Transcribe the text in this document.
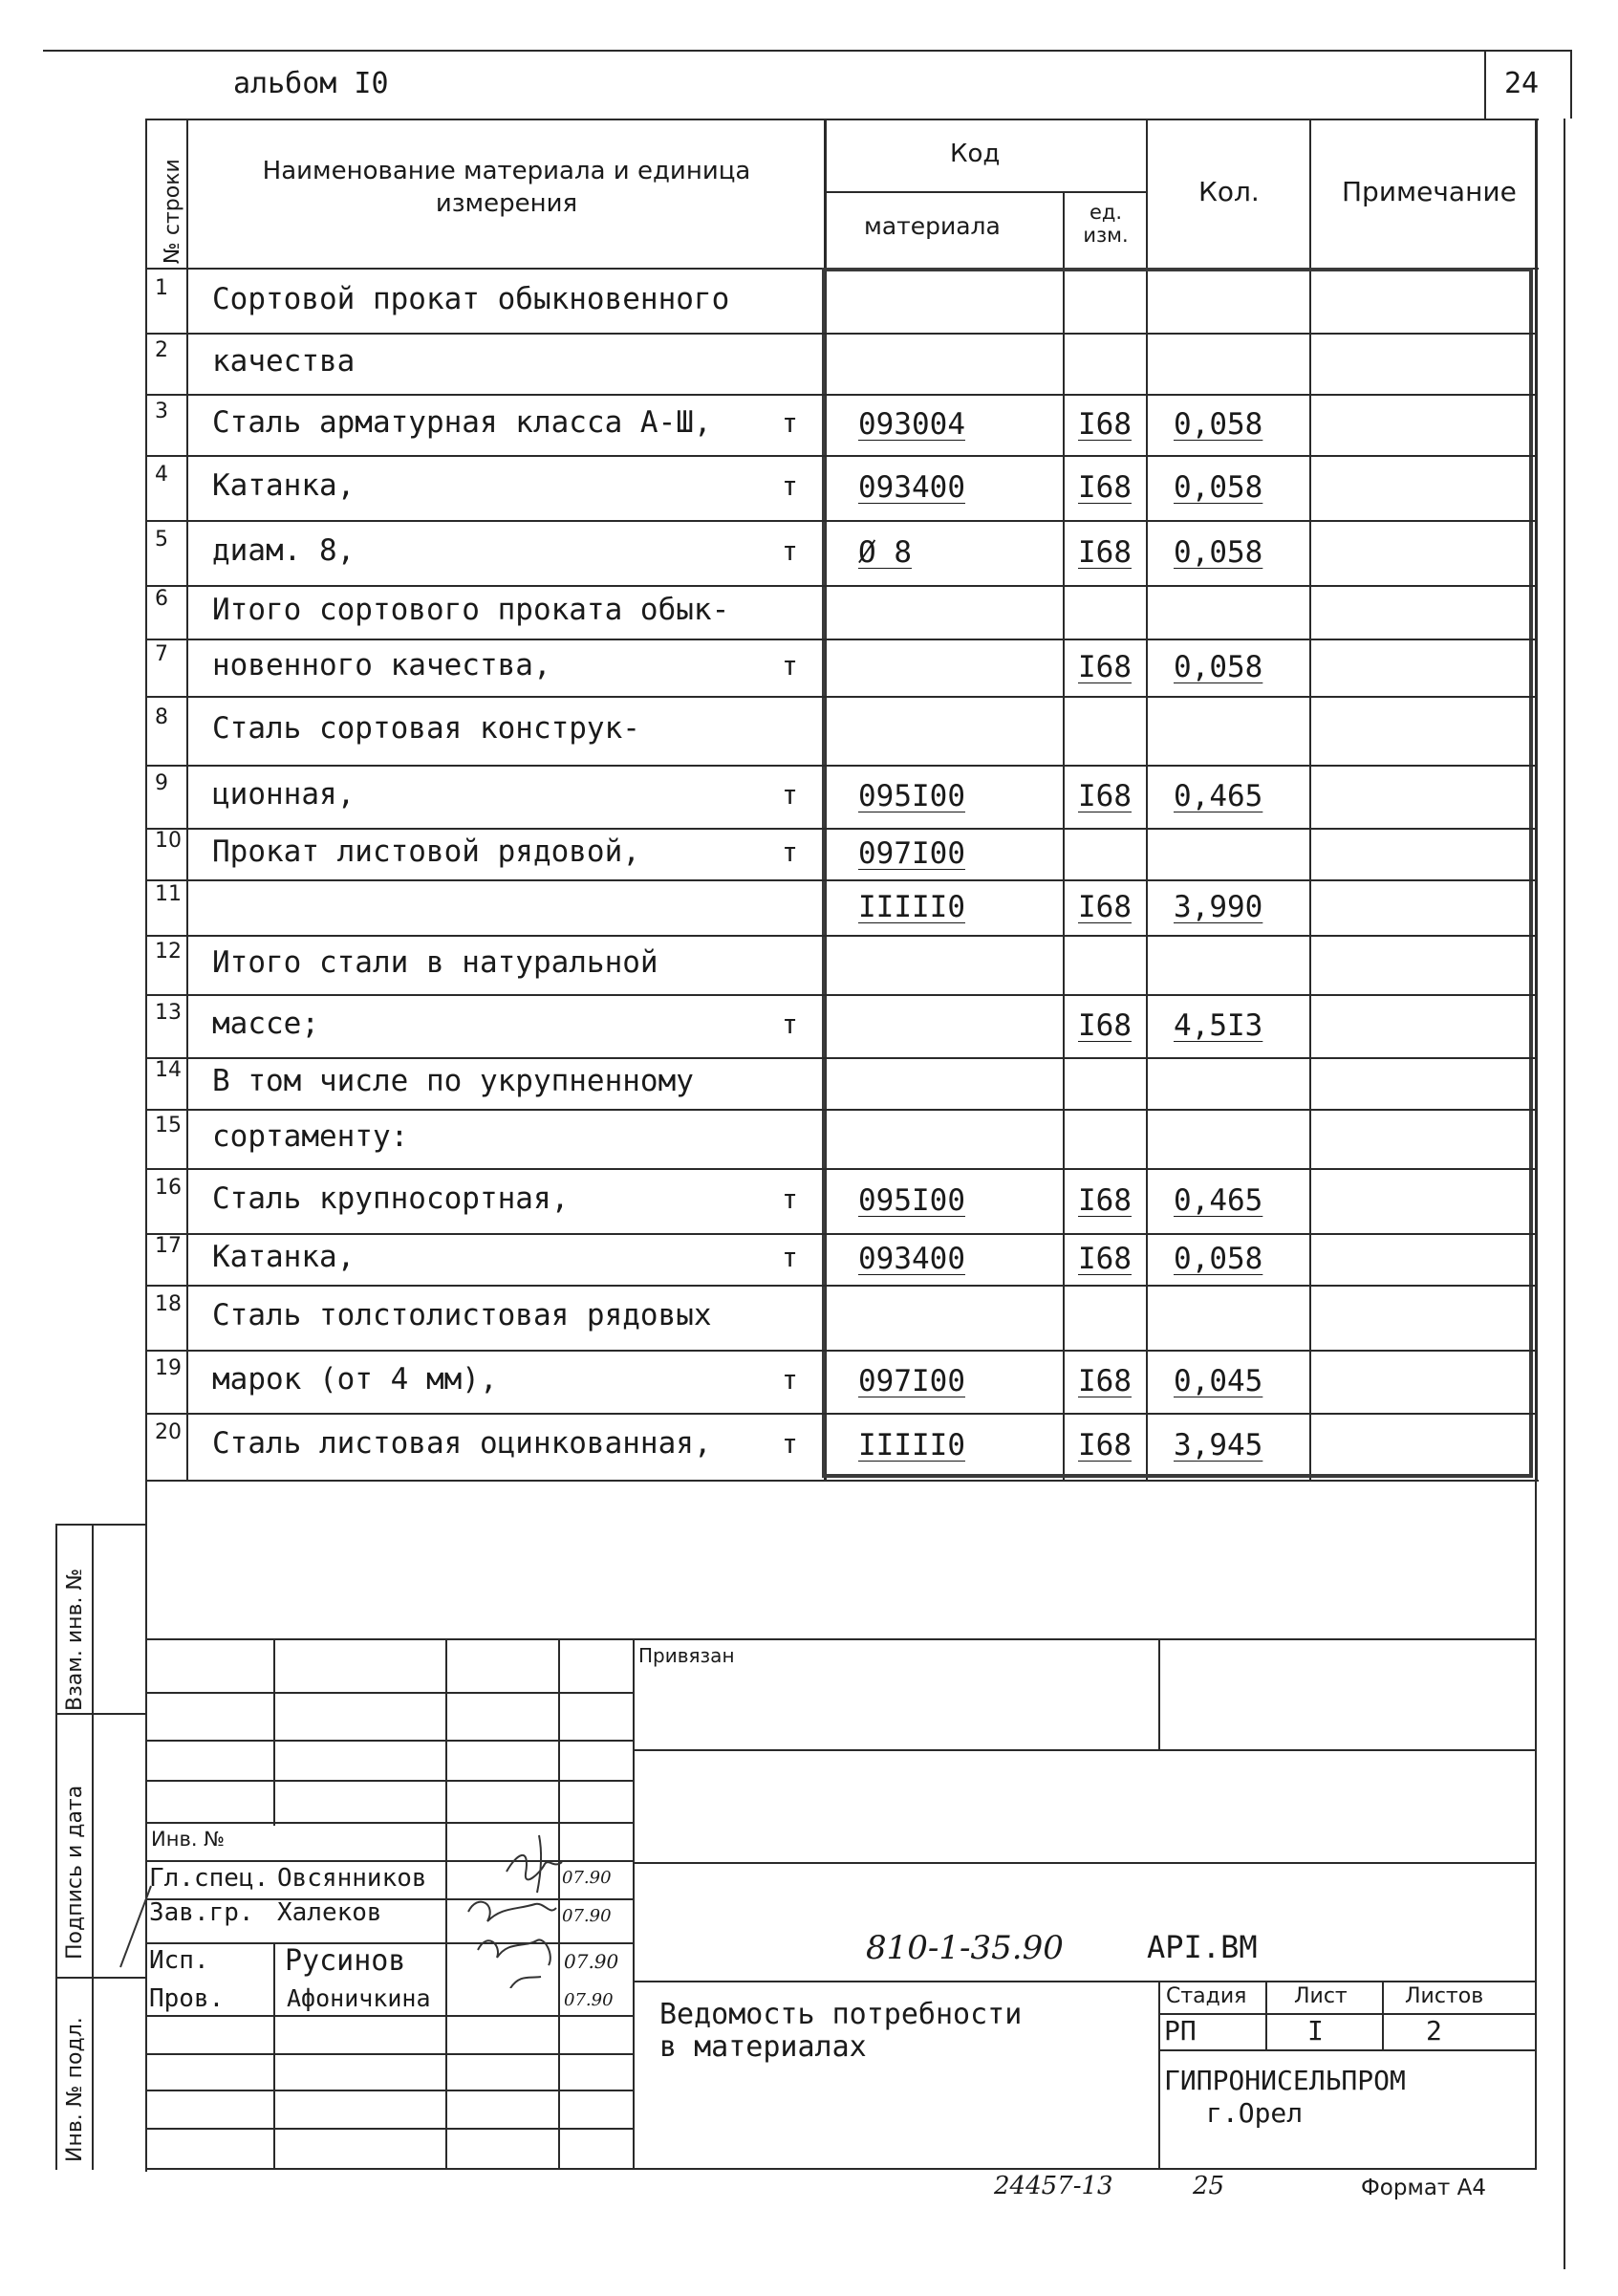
альбом I0	24
№ строки	Наименование материала и единица измерения
Код
материала	ед. изм.
Кол.	Примечание
1 Сортовой прокат обыкновенного
2 качества
3 Сталь арматурная класса А-Ш,	т 093004	I68 0,058
4 Катанка,	т 093400	I68 0,058
5 диам. 8,	т Ø 8	I68 0,058
6 Итого сортового проката обык-
7 новенного качества,	т	I68 0,058
8 Сталь сортовая конструк-
9 ционная,	т 095I00	I68 0,465
10 Прокат листовой рядовой,	т 097I00
11	IIIII0	I68 3,990
12 Итого стали в натуральной
13 массе;	т	I68 4,5I3
14 В том числе по укрупненному
15 сортаменту:
16 Сталь крупносортная,	т 095I00	I68 0,465
17 Катанка,	т 093400	I68 0,058
18 Сталь толстолистовая рядовых
19 марок (от 4 мм),	т 097I00	I68 0,045
20 Сталь листовая оцинкованная,	т IIIII0	I68 3,945
Взам. инв. №
Подпись и дата
Инв. № подл.
Привязан
Инв. №
Гл.спец. Овсянников	07.90
Зав.гр. Халеков	07.90
Исп.	Русинов	07.90
Пров.	Афоничкина	07.90
810-1-35.90	АРI.ВМ
Ведомость потребности
в материалах
Стадия Лист	Листов
РП	I	2
ГИПРОНИСЕЛЬПРОМ
г.Орел
24457-13	25	Формат А4
